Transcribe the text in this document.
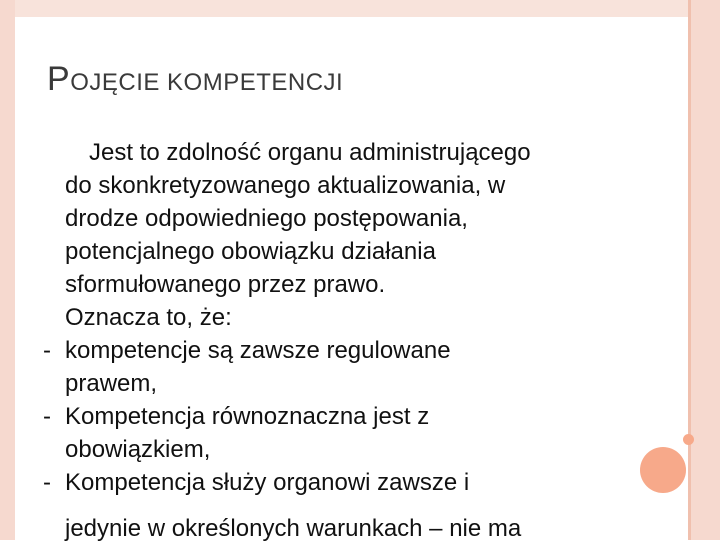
POJĘCIE KOMPETENCJI
Jest to zdolność organu administrującego
do skonkretyzowanego aktualizowania, w
drodze odpowiedniego postępowania,
potencjalnego obowiązku działania
sformułowanego przez prawo.
Oznacza to, że:
- kompetencje są zawsze regulowane
prawem,
- Kompetencja równoznaczna jest z
obowiązkiem,
- Kompetencja służy organowi zawsze i
jedynie w określonych warunkach – nie ma
